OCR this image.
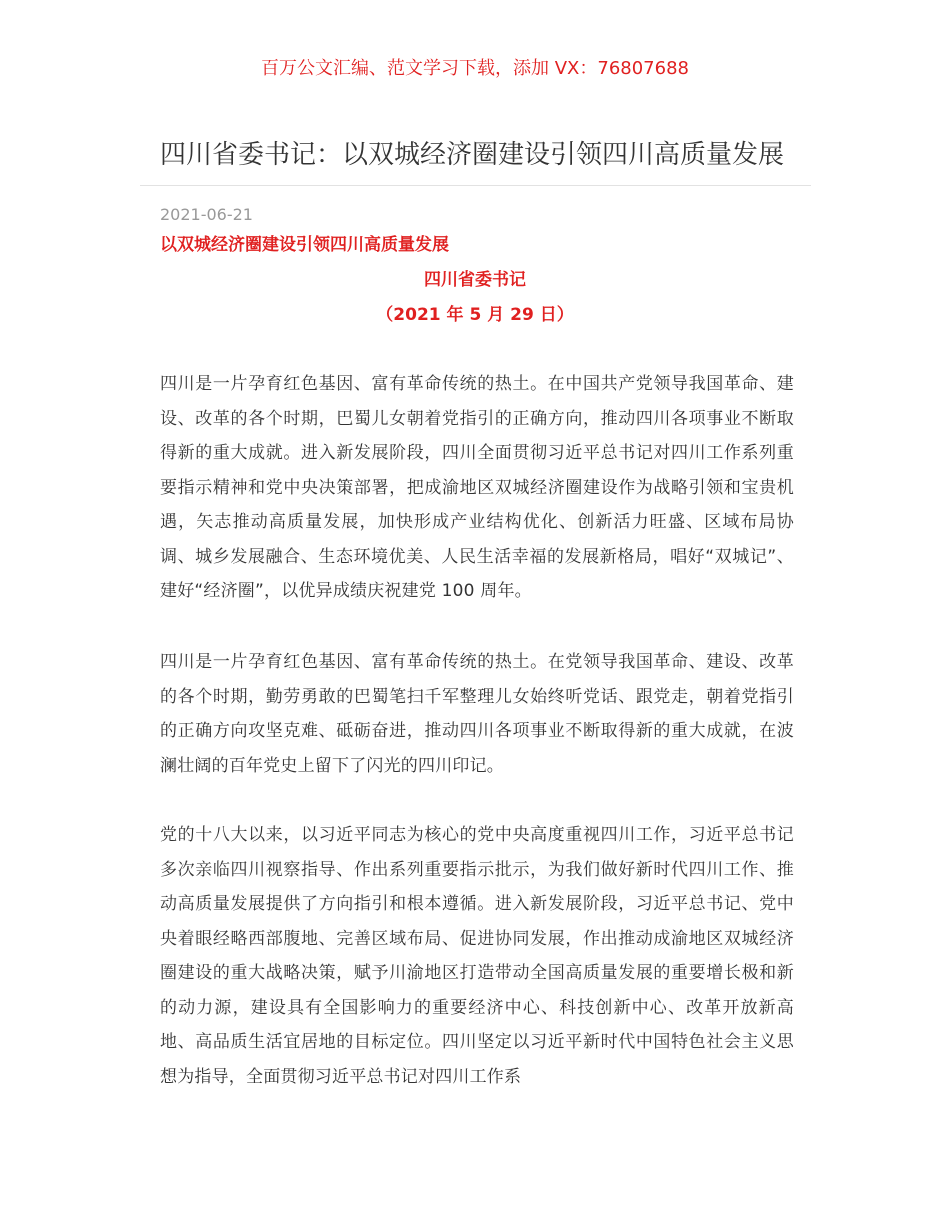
百万公文汇编、范文学习下载，添加 VX：76807688
四川省委书记：以双城经济圈建设引领四川高质量发展
2021-06-21
以双城经济圈建设引领四川高质量发展
四川省委书记
（2021 年 5 月 29 日）

四川是一片孕育红色基因、富有革命传统的热土。在中国共产党领导我国革命、建设、改革的各个时期，巴蜀儿女朝着党指引的正确方向，推动四川各项事业不断取得新的重大成就。进入新发展阶段，四川全面贯彻习近平总书记对四川工作系列重要指示精神和党中央决策部署，把成渝地区双城经济圈建设作为战略引领和宝贵机遇，矢志推动高质量发展，加快形成产业结构优化、创新活力旺盛、区域布局协调、城乡发展融合、生态环境优美、人民生活幸福的发展新格局，唱好“双城记”、建好“经济圈”，以优异成绩庆祝建党 100 周年。

四川是一片孕育红色基因、富有革命传统的热土。在党领导我国革命、建设、改革的各个时期，勤劳勇敢的巴蜀笔扫千军整理儿女始终听党话、跟党走，朝着党指引的正确方向攻坚克难、砥砺奋进，推动四川各项事业不断取得新的重大成就，在波澜壮阔的百年党史上留下了闪光的四川印记。

党的十八大以来，以习近平同志为核心的党中央高度重视四川工作，习近平总书记多次亲临四川视察指导、作出系列重要指示批示，为我们做好新时代四川工作、推动高质量发展提供了方向指引和根本遵循。进入新发展阶段，习近平总书记、党中央着眼经略西部腹地、完善区域布局、促进协同发展，作出推动成渝地区双城经济圈建设的重大战略决策，赋予川渝地区打造带动全国高质量发展的重要增长极和新的动力源，建设具有全国影响力的重要经济中心、科技创新中心、改革开放新高地、高品质生活宜居地的目标定位。四川坚定以习近平新时代中国特色社会主义思想为指导，全面贯彻习近平总书记对四川工作系
